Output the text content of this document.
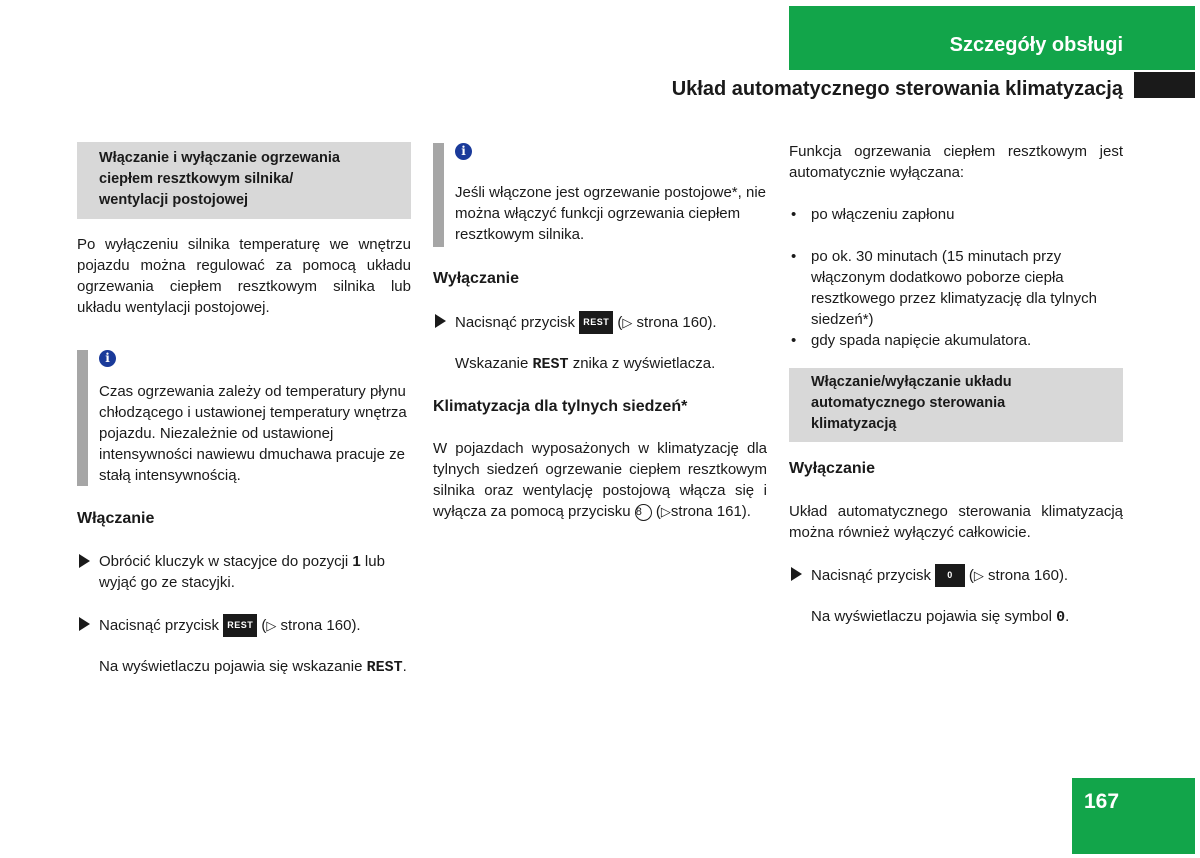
Szczegóły obsługi
Układ automatycznego sterowania klimatyzacją
Włączanie i wyłączanie ogrzewania
ciepłem resztkowym silnika/
wentylacji postojowej

Po wyłączeniu silnika temperaturę we wnętrzu pojazdu można regulować za pomocą układu ogrzewania ciepłem resztkowym silnika lub układu wentylacji postojowej.

i

Czas ogrzewania zależy od temperatury płynu chłodzącego i ustawionej temperatury wnętrza pojazdu. Niezależnie od ustawionej intensywności nawiewu dmuchawa pracuje ze stałą intensywnością.

Włączanie

Obrócić kluczyk w stacyjce do pozycji 1 lub wyjąć go ze stacyjki.

Nacisnąć przycisk REST (▷ strona 160).

Na wyświetlaczu pojawia się wskazanie REST.

i

Jeśli włączone jest ogrzewanie postojowe*, nie można włączyć funkcji ogrzewania ciepłem resztkowym silnika.

Wyłączanie

Nacisnąć przycisk REST (▷ strona 160).

Wskazanie REST znika z wyświetlacza.

Klimatyzacja dla tylnych siedzeń*

W pojazdach wyposażonych w klimatyzację dla tylnych siedzeń ogrzewanie ciepłem resztkowym silnika oraz wentylację postojową włącza się i wyłącza za pomocą przycisku 8 (▷strona 161).

Funkcja ogrzewania ciepłem resztkowym jest automatycznie wyłączana:

• po włączeniu zapłonu

• po ok. 30 minutach (15 minutach przy włączonym dodatkowo poborze ciepła resztkowego przez klimatyzację dla tylnych siedzeń*)

• gdy spada napięcie akumulatora.

Włączanie/wyłączanie układu
automatycznego sterowania
klimatyzacją
Wyłączanie

Układ automatycznego sterowania klimatyzacją można również wyłączyć całkowicie.

Nacisnąć przycisk 0 (▷ strona 160).

Na wyświetlaczu pojawia się symbol 0.

167
